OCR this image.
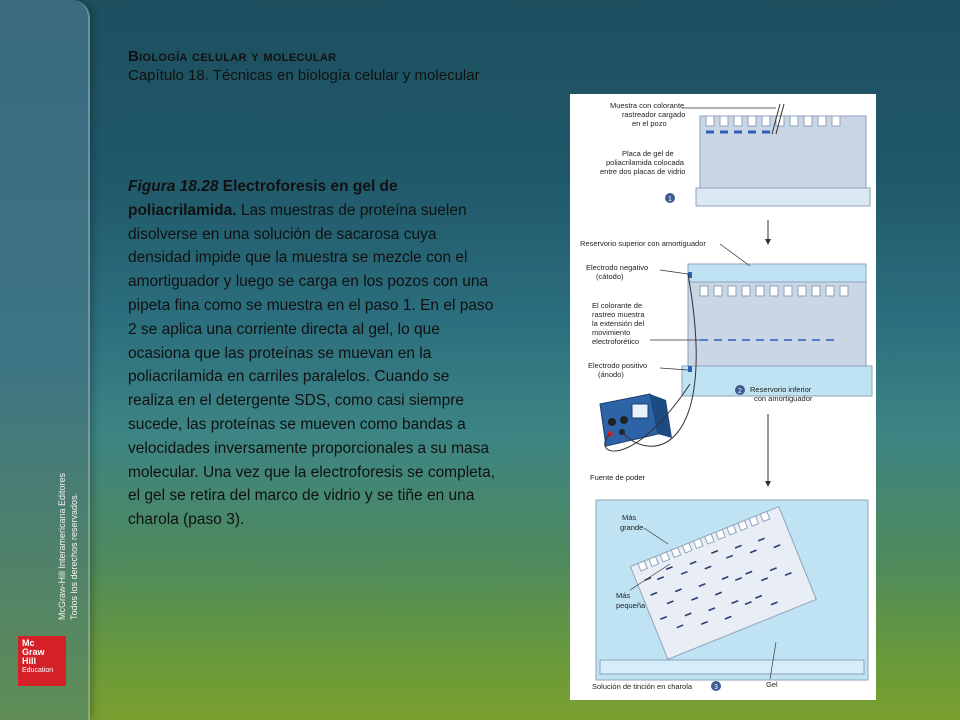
McGraw-Hill Interamericana Editores Todos los derechos reservados.
Mc
Graw
Hill
Education
Biología celular y molecular
Capítulo 18. Técnicas en biología celular y molecular
Figura 18.28 Electroforesis en gel de poliacrilamida. Las muestras de proteína suelen disolverse en una solución de sacarosa cuya densidad impide que la muestra se mezcle con el amortiguador y luego se carga en los pozos con una pipeta fina como se muestra en el paso 1. En el paso 2 se aplica una corriente directa al gel, lo que ocasiona que las proteínas se muevan en la poliacrilamida en carriles paralelos. Cuando se realiza en el detergente SDS, como casi siempre sucede, las proteínas se mueven como bandas a velocidades inversamente proporcionales a su masa molecular. Una vez que la electroforesis se completa, el gel se retira del marco de vidrio y se tiñe en una charola (paso 3).
Muestra con colorante
rastreador cargado
en el pozo
Placa de gel de
poliacrilamida colocada
entre dos placas de vidrio
1
Reservorio superior con amortiguador
Electrodo negativo
(cátodo)
El colorante de
rastreo muestra
la extensión del
movimiento
electroforético
Electrodo positivo
(ánodo)
2 Reservorio inferior
con amortiguador
Fuente de poder
Más
grande
Más
pequeña
Solución de tinción en charola	3	Gel
